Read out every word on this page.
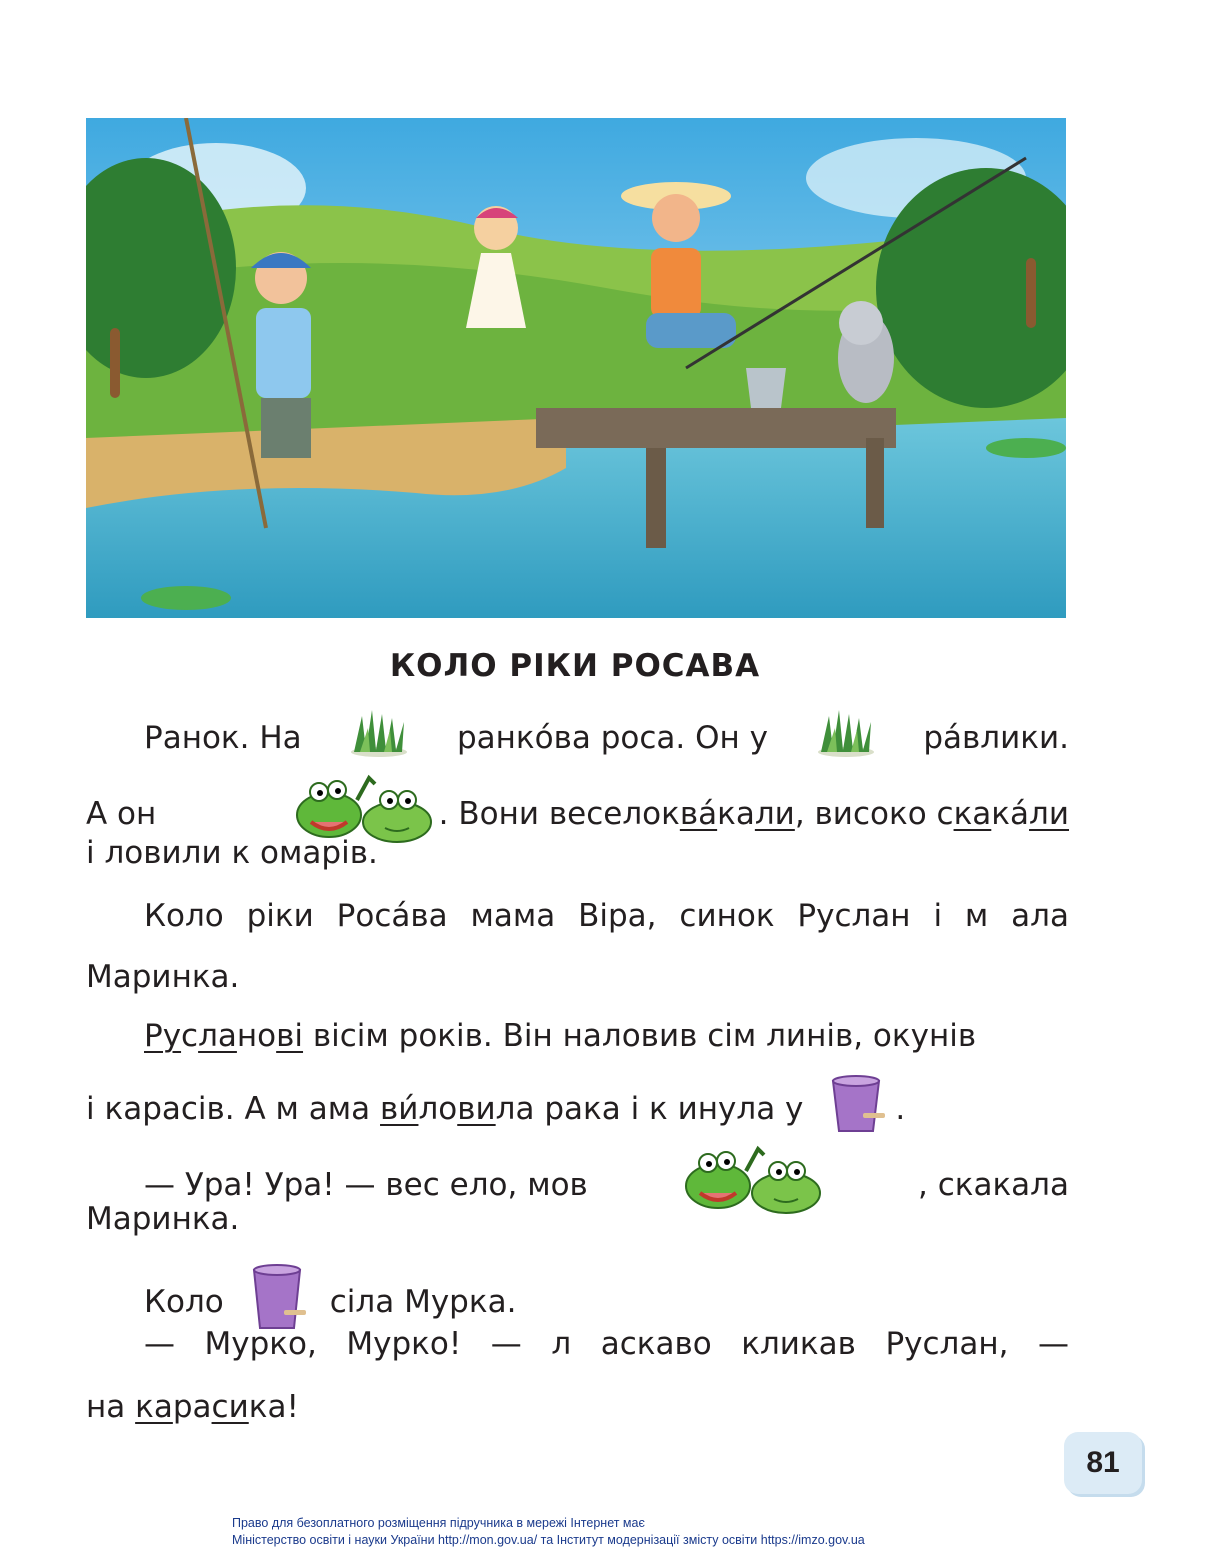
КОЛО РІКИ РОСАВА
Ранок. На	ранко́ва роса. Он у	ра́влики.
А он	. Вони весело к ва́ ка ли , високо с ка ка́ ли
і ловили к омарів.
Коло ріки Роса́ва мама Віра, синок Руслан і м ала
Маринка.
Русланові вісім років. Він наловив сім линів, окунів
і карасів. А м ама ви́ ло ви ла рака і к инула у	.
— Ура! Ура! — вес ело, мов	, скакала
Маринка.
Коло	сіла Мурка.
— Мурко, Мурко! — л аскаво кликав Руслан, —
на карасика!
81
Право для безоплатного розміщення підручника в мережі Інтернет має
Міністерство освіти і науки України http://mon.gov.ua/ та Інститут модернізації змісту освіти https://imzo.gov.ua
